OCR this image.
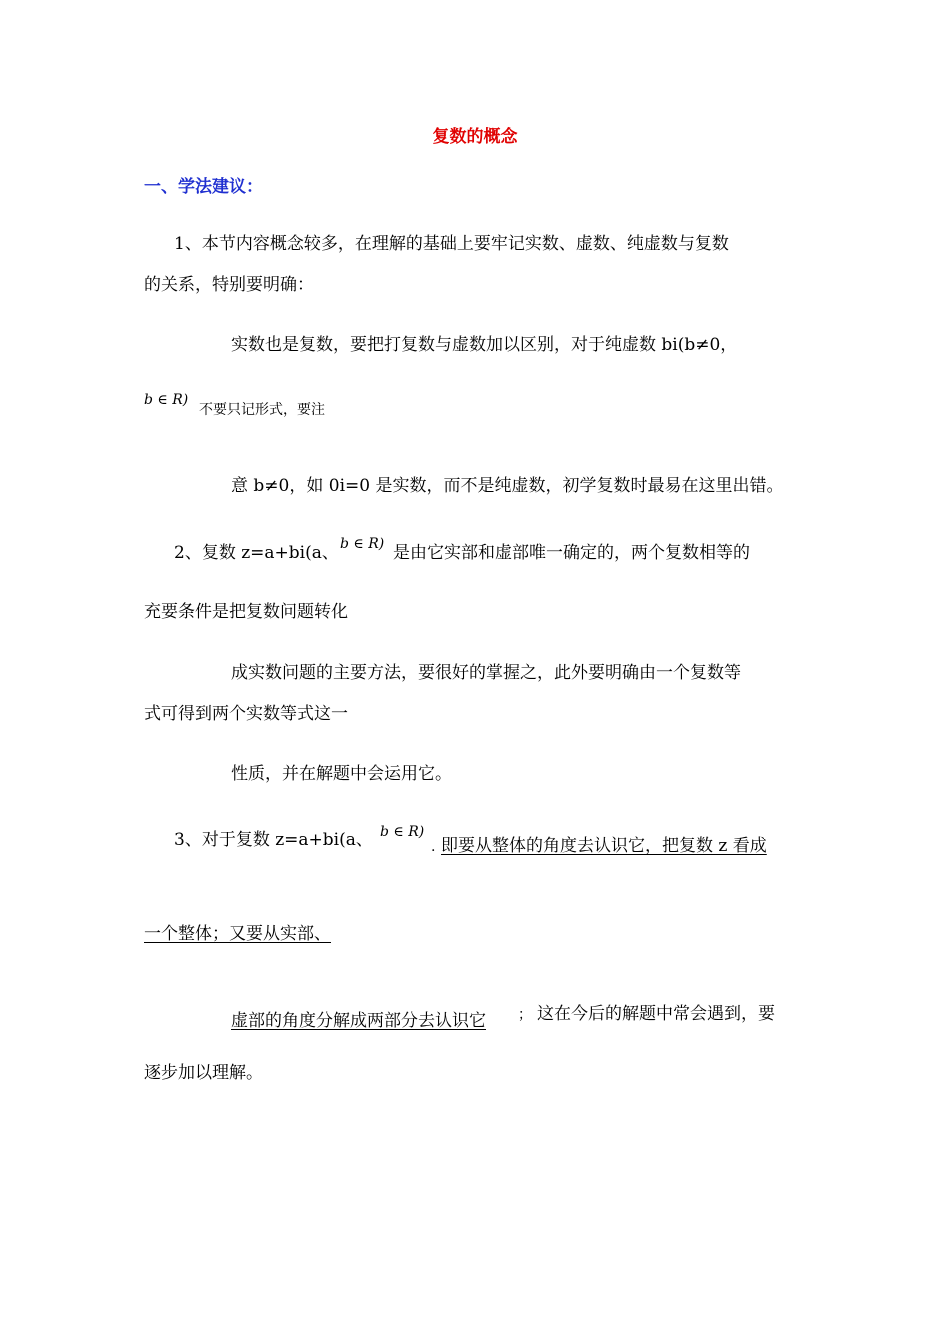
复数的概念
一、学法建议：
1、本节内容概念较多，在理解的基础上要牢记实数、虚数、纯虚数与复数
的关系，特别要明确：
实数也是复数，要把打复数与虚数加以区别，对于纯虚数 bi(b≠0，
b ∈ R)
不要只记形式，要注
意 b≠0，如 0i=0 是实数，而不是纯虚数，初学复数时最易在这里出错。
2、复数 z=a+bi(a、 b ∈ R) 是由它实部和虚部唯一确定的，两个复数相等的
充要条件是把复数问题转化
成实数问题的主要方法，要很好的掌握之，此外要明确由一个复数等
式可得到两个实数等式这一
性质，并在解题中会运用它。
3、对于复数 z=a+bi(a、 b ∈ R)
. 即要从整体的角度去认识它，把复数 z 看成
一个整体；又要从实部、
虚部的角度分解成两部分去认识它 ； 这在今后的解题中常会遇到，要
逐步加以理解。
